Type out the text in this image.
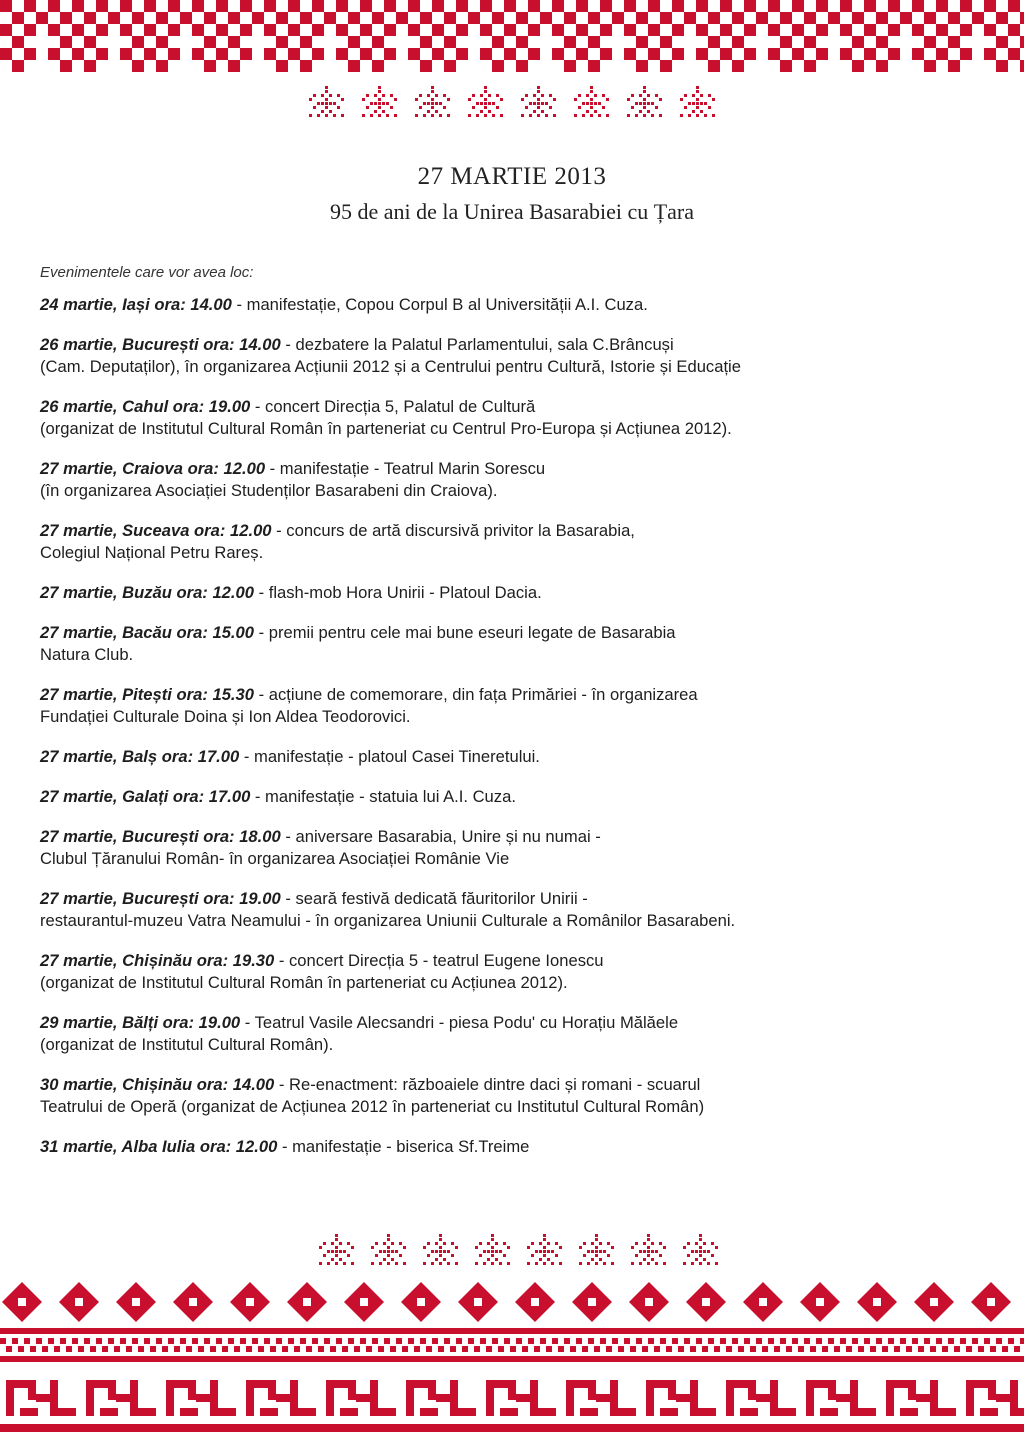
27 MARTIE 2013
95 de ani de la Unirea Basarabiei cu Țara
Evenimentele care vor avea loc:
24 martie, Iași ora: 14.00 - manifestație, Copou Corpul B al Universității A.I. Cuza.
26 martie, București ora: 14.00 - dezbatere la Palatul Parlamentului, sala C.Brâncuși
(Cam. Deputaților), în organizarea Acțiunii 2012 și a Centrului pentru Cultură, Istorie și Educație
26 martie, Cahul ora: 19.00 - concert Direcția 5, Palatul de Cultură
(organizat de Institutul Cultural Român în parteneriat cu Centrul Pro-Europa și Acțiunea 2012).
27 martie, Craiova ora: 12.00 - manifestație - Teatrul Marin Sorescu
(în organizarea Asociației Studenților Basarabeni din Craiova).
27 martie, Suceava ora: 12.00 - concurs de artă discursivă privitor la Basarabia,
Colegiul Național Petru Rareș.
27 martie, Buzău ora: 12.00 - flash-mob Hora Unirii - Platoul Dacia.
27 martie, Bacău ora: 15.00 - premii pentru cele mai bune eseuri legate de Basarabia
Natura Club.
27 martie, Pitești ora: 15.30 - acțiune de comemorare, din fața Primăriei - în organizarea
Fundației Culturale Doina și Ion Aldea Teodorovici.
27 martie, Balș ora: 17.00 - manifestație - platoul Casei Tineretului.
27 martie, Galați ora: 17.00 - manifestație - statuia lui A.I. Cuza.
27 martie, București ora: 18.00 - aniversare Basarabia, Unire și nu numai -
Clubul Țăranului Român- în organizarea Asociației Românie Vie
27 martie, București ora: 19.00 - seară festivă dedicată făuritorilor Unirii -
restaurantul-muzeu Vatra Neamului - în organizarea Uniunii Culturale a Românilor Basarabeni.
27 martie, Chișinău ora: 19.30 - concert Direcția 5 - teatrul Eugene Ionescu
(organizat de Institutul Cultural Român în parteneriat cu Acțiunea 2012).
29 martie, Bălți ora: 19.00 - Teatrul Vasile Alecsandri - piesa Podu' cu Horațiu Mălăele
(organizat de Institutul Cultural Român).
30 martie, Chișinău ora: 14.00 - Re-enactment: războaiele dintre daci și romani - scuarul
Teatrului de Operă (organizat de Acțiunea 2012 în parteneriat cu Institutul Cultural Român)
31 martie, Alba Iulia ora: 12.00 - manifestație - biserica Sf.Treime
